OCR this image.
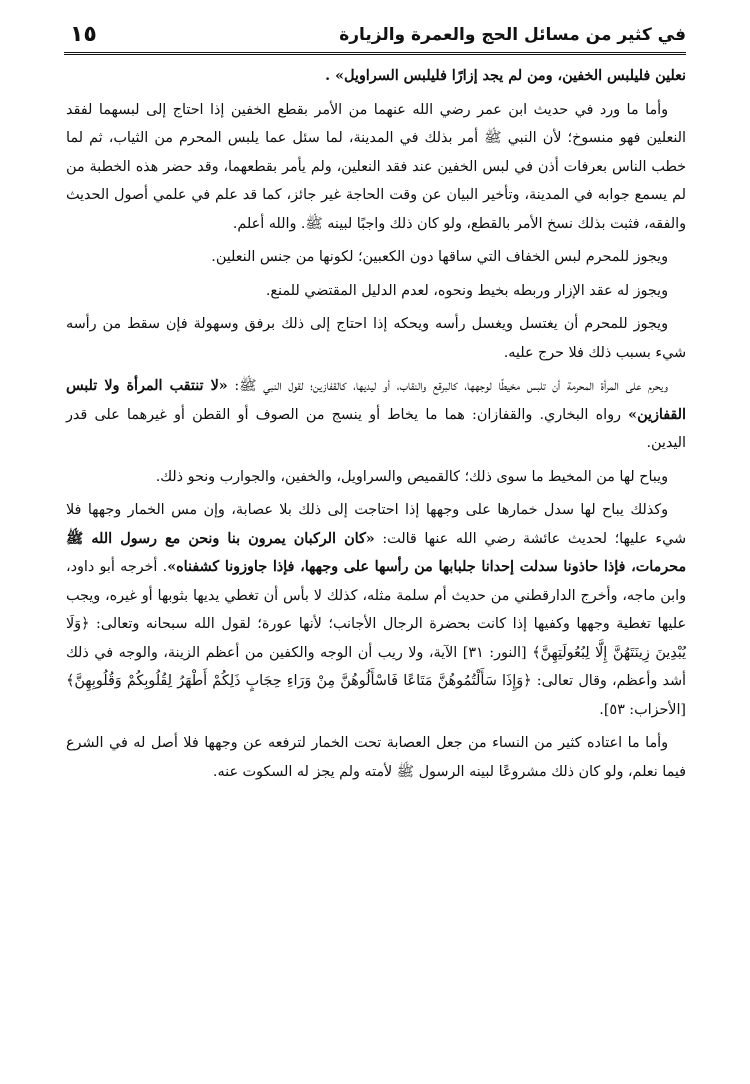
في كثير من مسائل الحج والعمرة والزيارة
١٥

نعلين فليلبس الخفين، ومن لم يجد إزارًا فليلبس السراويل» .

وأما ما ورد في حديث ابن عمر رضي الله عنهما من الأمر بقطع الخفين إذا احتاج إلى لبسهما لفقد النعلين فهو منسوخ؛ لأن النبي ﷺ أمر بذلك في المدينة، لما سئل عما يلبس المحرم من الثياب، ثم لما خطب الناس بعرفات أذن في لبس الخفين عند فقد النعلين، ولم يأمر بقطعهما، وقد حضر هذه الخطبة من لم يسمع جوابه في المدينة، وتأخير البيان عن وقت الحاجة غير جائز، كما قد علم في علمي أصول الحديث والفقه، فثبت بذلك نسخ الأمر بالقطع، ولو كان ذلك واجبًا لبينه ﷺ. والله أعلم.

ويجوز للمحرم لبس الخفاف التي ساقها دون الكعبين؛ لكونها من جنس النعلين.

ويجوز له عقد الإزار وربطه بخيط ونحوه، لعدم الدليل المقتضي للمنع.

ويجوز للمحرم أن يغتسل ويغسل رأسه ويحكه إذا احتاج إلى ذلك برفق وسهولة فإن سقط من رأسه شيء بسبب ذلك فلا حرج عليه.

ويحرم على المرأة المحرمة أن تلبس مخيطًا لوجهها، كالبرقع والنقاب، أو ليديها، كالقفازين؛ لقول النبي ﷺ: «لا تنتقب المرأة ولا تلبس القفازين» رواه البخاري. والقفازان: هما ما يخاط أو ينسج من الصوف أو القطن أو غيرهما على قدر اليدين.

ويباح لها من المخيط ما سوى ذلك؛ كالقميص والسراويل، والخفين، والجوارب ونحو ذلك.

وكذلك يباح لها سدل خمارها على وجهها إذا احتاجت إلى ذلك بلا عصابة، وإن مس الخمار وجهها فلا شيء عليها؛ لحديث عائشة رضي الله عنها قالت: «كان الركبان يمرون بنا ونحن مع رسول الله ﷺ محرمات، فإذا حاذونا سدلت إحدانا جلبابها من رأسها على وجهها، فإذا جاوزونا كشفناه». أخرجه أبو داود، وابن ماجه، وأخرج الدارقطني من حديث أم سلمة مثله، كذلك لا بأس أن تغطي يديها بثوبها أو غيره، ويجب عليها تغطية وجهها وكفيها إذا كانت بحضرة الرجال الأجانب؛ لأنها عورة؛ لقول الله سبحانه وتعالى: ﴿وَلَا يُبْدِينَ زِينَتَهُنَّ إِلَّا لِبُعُولَتِهِنَّ﴾ [النور: ٣١] الآية، ولا ريب أن الوجه والكفين من أعظم الزينة، والوجه في ذلك أشد وأعظم، وقال تعالى: ﴿وَإِذَا سَأَلْتُمُوهُنَّ مَتَاعًا فَاسْأَلُوهُنَّ مِنْ وَرَاءِ حِجَابٍ ذَلِكُمْ أَطْهَرُ لِقُلُوبِكُمْ وَقُلُوبِهِنَّ﴾ [الأحزاب: ٥٣].

وأما ما اعتاده كثير من النساء من جعل العصابة تحت الخمار لترفعه عن وجهها فلا أصل له في الشرع فيما نعلم، ولو كان ذلك مشروعًا لبينه الرسول ﷺ لأمته ولم يجز له السكوت عنه.
